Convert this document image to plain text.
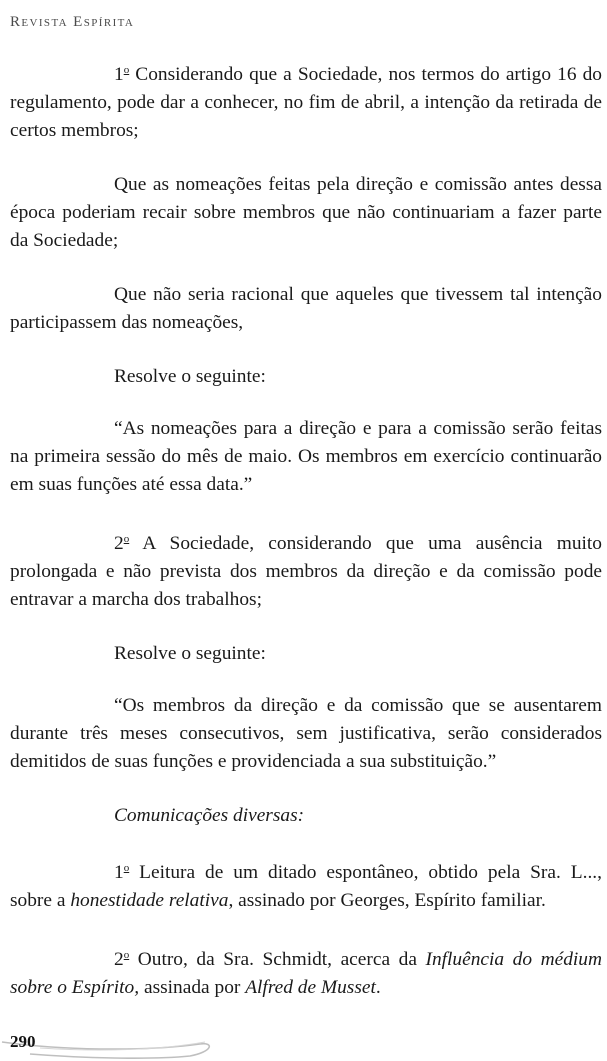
Revista Espírita

1$^o$ Considerando que a Sociedade, nos termos do artigo 16 do regulamento, pode dar a conhecer, no fim de abril, a intenção da retirada de certos membros;

Que as nomeações feitas pela direção e comissão antes dessa época poderiam recair sobre membros que não continuariam a fazer parte da Sociedade;

Que não seria racional que aqueles que tivessem tal intenção participassem das nomeações,

Resolve o seguinte:

“As nomeações para a direção e para a comissão serão feitas na primeira sessão do mês de maio. Os membros em exercício continuarão em suas funções até essa data.”

2$^o$ A Sociedade, considerando que uma ausência muito prolongada e não prevista dos membros da direção e da comissão pode entravar a marcha dos trabalhos;

Resolve o seguinte:

“Os membros da direção e da comissão que se ausentarem durante três meses consecutivos, sem justificativa, serão considerados demitidos de suas funções e providenciada a sua substituição.”

Comunicações diversas:

1$^o$ Leitura de um ditado espontâneo, obtido pela Sra. L..., sobre a honestidade relativa, assinado por Georges, Espírito familiar.

2$^o$ Outro, da Sra. Schmidt, acerca da Influência do médium sobre o Espírito, assinada por Alfred de Musset.

290
